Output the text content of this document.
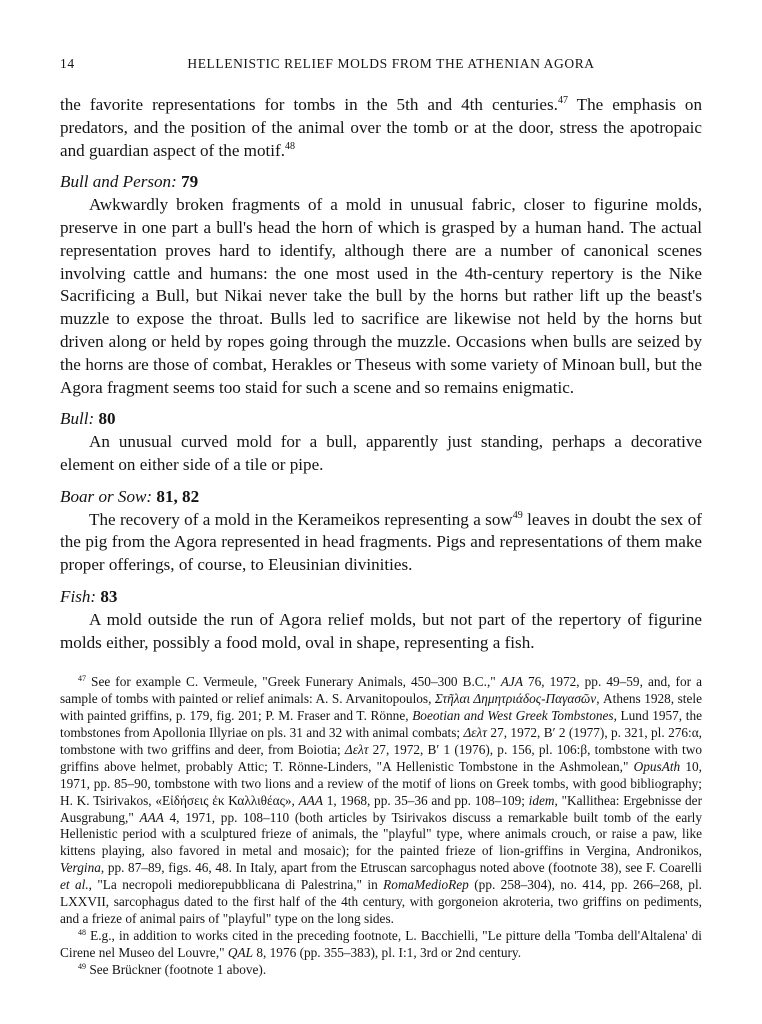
14	HELLENISTIC RELIEF MOLDS FROM THE ATHENIAN AGORA

the favorite representations for tombs in the 5th and 4th centuries.$^{47}$ The emphasis on predators, and the position of the animal over the tomb or at the door, stress the apotropaic and guardian aspect of the motif.$^{48}$

Bull and Person: 79

Awkwardly broken fragments of a mold in unusual fabric, closer to figurine molds, preserve in one part a bull's head the horn of which is grasped by a human hand. The actual representation proves hard to identify, although there are a number of canonical scenes involving cattle and humans: the one most used in the 4th-century repertory is the Nike Sacrificing a Bull, but Nikai never take the bull by the horns but rather lift up the beast's muzzle to expose the throat. Bulls led to sacrifice are likewise not held by the horns but driven along or held by ropes going through the muzzle. Occasions when bulls are seized by the horns are those of combat, Herakles or Theseus with some variety of Minoan bull, but the Agora fragment seems too staid for such a scene and so remains enigmatic.

Bull: 80

An unusual curved mold for a bull, apparently just standing, perhaps a decorative element on either side of a tile or pipe.

Boar or Sow: 81, 82

The recovery of a mold in the Kerameikos representing a sow$^{49}$ leaves in doubt the sex of the pig from the Agora represented in head fragments. Pigs and representations of them make proper offerings, of course, to Eleusinian divinities.

Fish: 83

A mold outside the run of Agora relief molds, but not part of the repertory of figurine molds either, possibly a food mold, oval in shape, representing a fish.

$^{47}$ See for example C. Vermeule, "Greek Funerary Animals, 450–300 B.C.," AJA 76, 1972, pp. 49–59, and, for a sample of tombs with painted or relief animals: A. S. Arvanitopoulos, Στῆλαι Δημητριάδος-Παγασῶν, Athens 1928, stele with painted griffins, p. 179, fig. 201; P. M. Fraser and T. Rönne, Boeotian and West Greek Tombstones, Lund 1957, the tombstones from Apollonia Illyriae on pls. 31 and 32 with animal combats; Δελτ 27, 1972, B′ 2 (1977), p. 321, pl. 276:α, tombstone with two griffins and deer, from Boiotia; Δελτ 27, 1972, B′ 1 (1976), p. 156, pl. 106:β, tombstone with two griffins above helmet, probably Attic; T. Rönne-Linders, "A Hellenistic Tombstone in the Ashmolean," OpusAth 10, 1971, pp. 85–90, tombstone with two lions and a review of the motif of lions on Greek tombs, with good bibliography; H. K. Tsirivakos, «Εἰδήσεις ἐκ Καλλιθέας», AAA 1, 1968, pp. 35–36 and pp. 108–109; idem, "Kallithea: Ergebnisse der Ausgrabung," AAA 4, 1971, pp. 108–110 (both articles by Tsirivakos discuss a remarkable built tomb of the early Hellenistic period with a sculptured frieze of animals, the "playful" type, where animals crouch, or raise a paw, like kittens playing, also favored in metal and mosaic); for the painted frieze of lion-griffins in Vergina, Andronikos, Vergina, pp. 87–89, figs. 46, 48. In Italy, apart from the Etruscan sarcophagus noted above (footnote 38), see F. Coarelli et al., "La necropoli mediorepubblicana di Palestrina," in RomaMedioRep (pp. 258–304), no. 414, pp. 266–268, pl. LXXVII, sarcophagus dated to the first half of the 4th century, with gorgoneion akroteria, two griffins on pediments, and a frieze of animal pairs of "playful" type on the long sides.

$^{48}$ E.g., in addition to works cited in the preceding footnote, L. Bacchielli, "Le pitture della 'Tomba dell'Altalena' di Cirene nel Museo del Louvre," QAL 8, 1976 (pp. 355–383), pl. I:1, 3rd or 2nd century.

$^{49}$ See Brückner (footnote 1 above).
